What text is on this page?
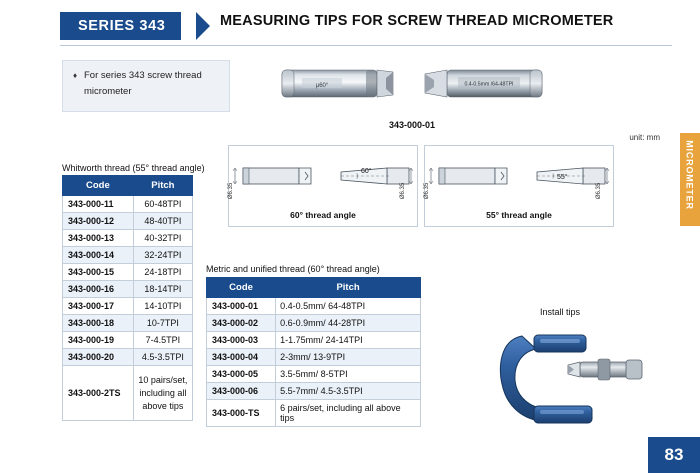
SERIES 343	MEASURING TIPS FOR SCREW THREAD MICROMETER
♦ For series 343 screw thread micrometer	μ60°	0.4-0.5mm /64-48TPI
343-000-01
unit: mm
60°
Ø6.35	Ø6.35
60° thread angle
55°
Ø6.35	Ø6.35
55° thread angle
Whitworth thread (55° thread angle)
Code	Pitch
343-000-11	60-48TPI
343-000-12	48-40TPI
343-000-13	40-32TPI
343-000-14	32-24TPI
343-000-15	24-18TPI
343-000-16	18-14TPI
343-000-17	14-10TPI
343-000-18	10-7TPI
343-000-19	7-4.5TPI
343-000-20	4.5-3.5TPI
343-000-2TS	10 pairs/set, including all above tips
Metric and unified thread (60° thread angle)
Code	Pitch
343-000-01	0.4-0.5mm/ 64-48TPI
343-000-02	0.6-0.9mm/ 44-28TPI
343-000-03	1-1.75mm/ 24-14TPI
343-000-04	2-3mm/ 13-9TPI
343-000-05	3.5-5mm/ 8-5TPI
343-000-06	5.5-7mm/ 4.5-3.5TPI
343-000-TS	6 pairs/set, including all above tips
Install tips
MICROMETER
83
